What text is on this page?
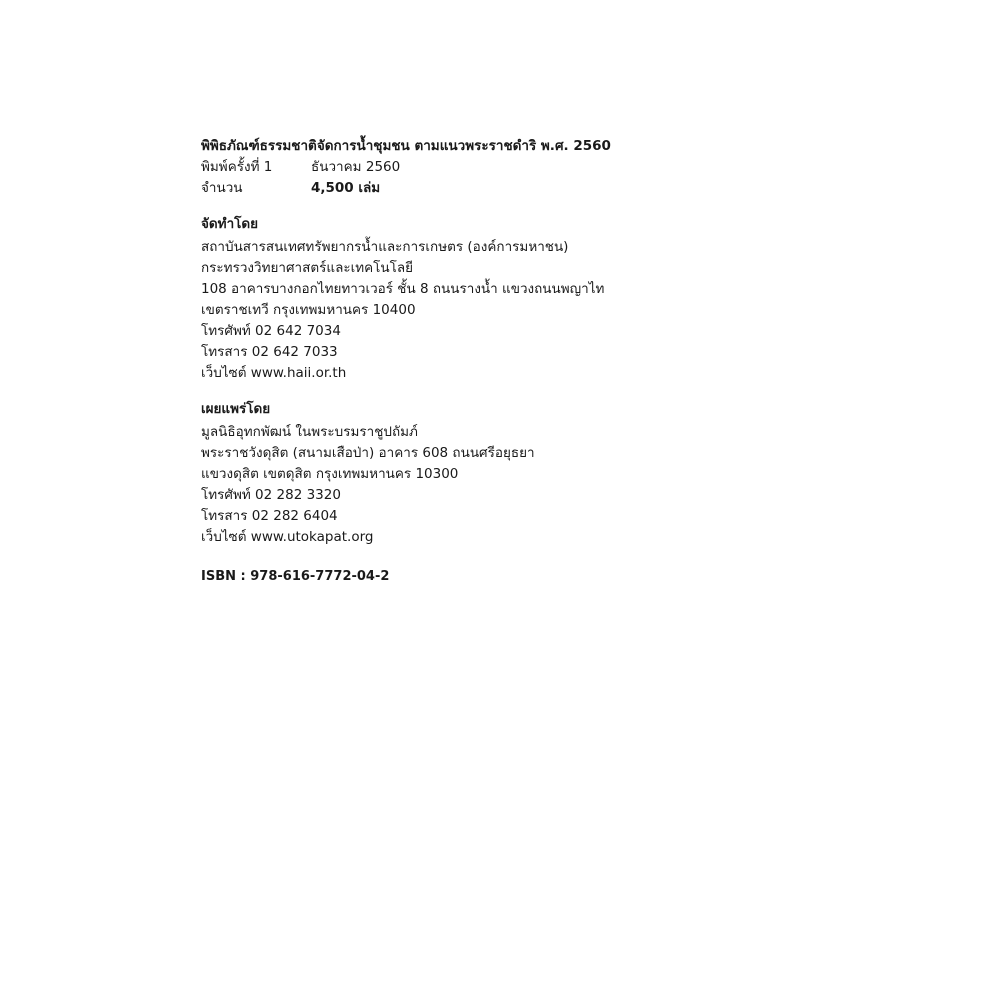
พิพิธภัณฑ์ธรรมชาติจัดการน้ำชุมชน ตามแนวพระราชดำริ พ.ศ. 2560
พิมพ์ครั้งที่ 1	ธันวาคม 2560
จำนวน	4,500 เล่ม
จัดทำโดย
สถาบันสารสนเทศทรัพยากรน้ำและการเกษตร (องค์การมหาชน)
กระทรวงวิทยาศาสตร์และเทคโนโลยี
108 อาคารบางกอกไทยทาวเวอร์ ชั้น 8 ถนนรางน้ำ แขวงถนนพญาไท
เขตราชเทวี กรุงเทพมหานคร 10400
โทรศัพท์ 02 642 7034
โทรสาร 02 642 7033
เว็บไซต์ www.haii.or.th
เผยแพร่โดย
มูลนิธิอุทกพัฒน์ ในพระบรมราชูปถัมภ์
พระราชวังดุสิต (สนามเสือป่า) อาคาร 608 ถนนศรีอยุธยา
แขวงดุสิต เขตดุสิต กรุงเทพมหานคร 10300
โทรศัพท์ 02 282 3320
โทรสาร 02 282 6404
เว็บไซต์ www.utokapat.org
ISBN : 978-616-7772-04-2
